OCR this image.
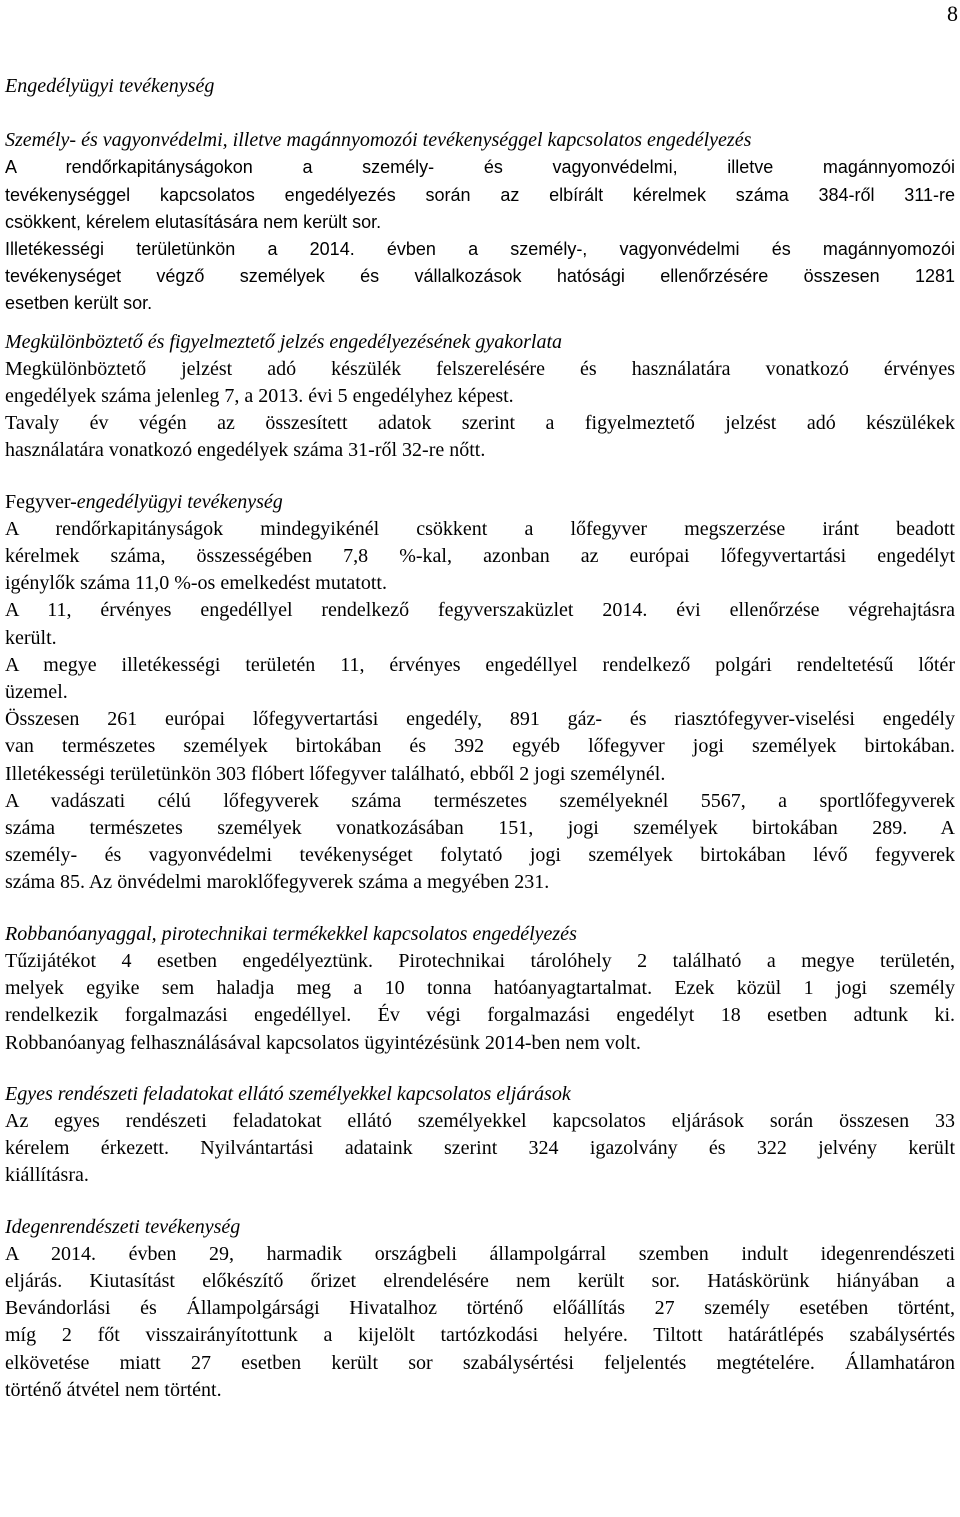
8

Engedélyügyi tevékenység

Személy- és vagyonvédelmi, illetve magánnyomozói tevékenységgel kapcsolatos engedélyezés

A rendőrkapitányságokon a személy- és vagyonvédelmi, illetve magánnyomozói
tevékenységgel kapcsolatos engedélyezés során az elbírált kérelmek száma 384-ről 311-re
csökkent, kérelem elutasítására nem került sor.
Illetékességi területünkön a 2014. évben a személy-, vagyonvédelmi és magánnyomozói
tevékenységet végző személyek és vállalkozások hatósági ellenőrzésére összesen 1281
esetben került sor.

Megkülönböztető és figyelmeztető jelzés engedélyezésének gyakorlata

Megkülönböztető jelzést adó készülék felszerelésére és használatára vonatkozó érvényes
engedélyek száma jelenleg 7, a 2013. évi 5 engedélyhez képest.
Tavaly év végén az összesített adatok szerint a figyelmeztető jelzést adó készülékek
használatára vonatkozó engedélyek száma 31-ről 32-re nőtt.

Fegyver-engedélyügyi tevékenység

A rendőrkapitányságok mindegyikénél csökkent a lőfegyver megszerzése iránt beadott
kérelmek száma, összességében 7,8 %-kal, azonban az európai lőfegyvertartási engedélyt
igénylők száma 11,0 %-os emelkedést mutatott.
A 11, érvényes engedéllyel rendelkező fegyverszaküzlet 2014. évi ellenőrzése végrehajtásra
került.
A megye illetékességi területén 11, érvényes engedéllyel rendelkező polgári rendeltetésű lőtér
üzemel.
Összesen 261 európai lőfegyvertartási engedély, 891 gáz- és riasztófegyver-viselési engedély
van természetes személyek birtokában és 392 egyéb lőfegyver jogi személyek birtokában.
Illetékességi területünkön 303 flóbert lőfegyver található, ebből 2 jogi személynél.
A vadászati célú lőfegyverek száma természetes személyeknél 5567, a sportlőfegyverek
száma természetes személyek vonatkozásában 151, jogi személyek birtokában 289. A
személy- és vagyonvédelmi tevékenységet folytató jogi személyek birtokában lévő fegyverek
száma 85. Az önvédelmi maroklőfegyverek száma a megyében 231.

Robbanóanyaggal, pirotechnikai termékekkel kapcsolatos engedélyezés

Tűzijátékot 4 esetben engedélyeztünk. Pirotechnikai tárolóhely 2 található a megye területén,
melyek egyike sem haladja meg a 10 tonna hatóanyagtartalmat. Ezek közül 1 jogi személy
rendelkezik forgalmazási engedéllyel. Év végi forgalmazási engedélyt 18 esetben adtunk ki.
Robbanóanyag felhasználásával kapcsolatos ügyintézésünk 2014-ben nem volt.

Egyes rendészeti feladatokat ellátó személyekkel kapcsolatos eljárások

Az egyes rendészeti feladatokat ellátó személyekkel kapcsolatos eljárások során összesen 33
kérelem érkezett. Nyilvántartási adataink szerint 324 igazolvány és 322 jelvény került
kiállításra.

Idegenrendészeti tevékenység

A 2014. évben 29, harmadik országbeli állampolgárral szemben indult idegenrendészeti
eljárás. Kiutasítást előkészítő őrizet elrendelésére nem került sor. Hatáskörünk hiányában a
Bevándorlási és Állampolgársági Hivatalhoz történő előállítás 27 személy esetében történt,
míg 2 főt visszairányítottunk a kijelölt tartózkodási helyére. Tiltott határátlépés szabálysértés
elkövetése miatt 27 esetben került sor szabálysértési feljelentés megtételére. Államhatáron
történő átvétel nem történt.
